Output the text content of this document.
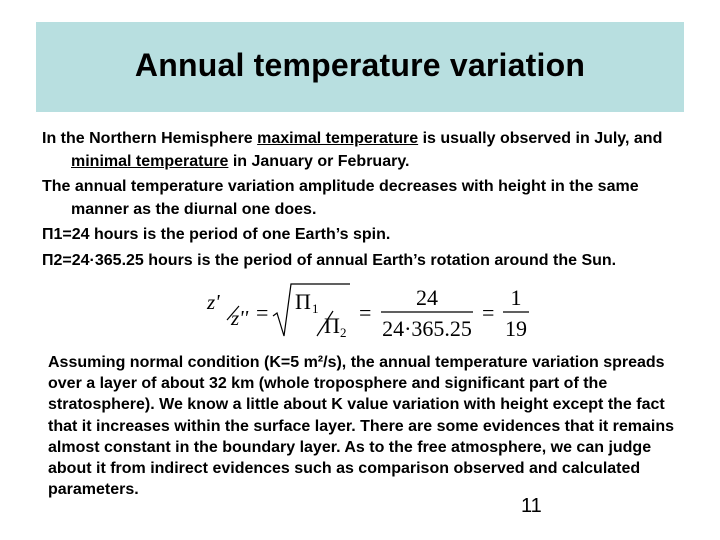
Annual temperature variation

In the Northern Hemisphere maximal temperature is usually observed in July, and minimal temperature in January or February.

The annual temperature variation amplitude decreases with height in the same manner as the diurnal one does.

П1=24 hours is the period of one Earth’s spin.

П2=24·365.25 hours is the period of annual Earth’s rotation around the Sun.

z'
z'' = Π 1
Π 2
=
24
24·365.25
=
1
19
Assuming normal condition (K=5 m²/s), the annual temperature variation spreads over a layer of about 32 km (whole troposphere and significant part of the stratosphere). We know a little about K value variation with height except the fact that it increases within the surface layer. There are some evidences that it remains almost constant in the boundary layer. As to the free atmosphere, we can judge about it from indirect evidences such as comparison observed and calculated parameters.
11
